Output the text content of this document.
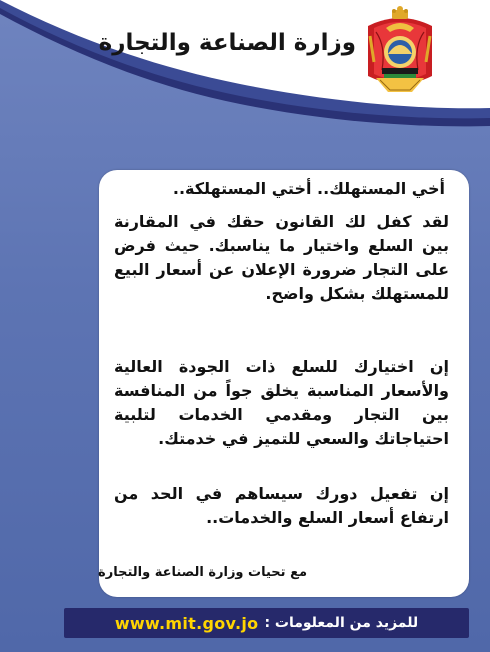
وزارة الصناعة والتجارة
أخي المستهلك.. أختي المستهلكة..
لقد كفل لك القانون حقك في المقارنة بين السلع واختيار ما يناسبك. حيث فرض على التجار ضرورة الإعلان عن أسعار البيع للمستهلك بشكل واضح.
إن اختيارك للسلع ذات الجودة العالية والأسعار المناسبة يخلق جواً من المنافسة بين التجار ومقدمي الخدمات لتلبية احتياجاتك والسعي للتميز في خدمتك.
إن تفعيل دورك سيساهم في الحد من ارتفاع أسعار السلع والخدمات..
مع تحيات وزارة الصناعة والتجارة
للمزيد من المعلومات :
www.mit.gov.jo
